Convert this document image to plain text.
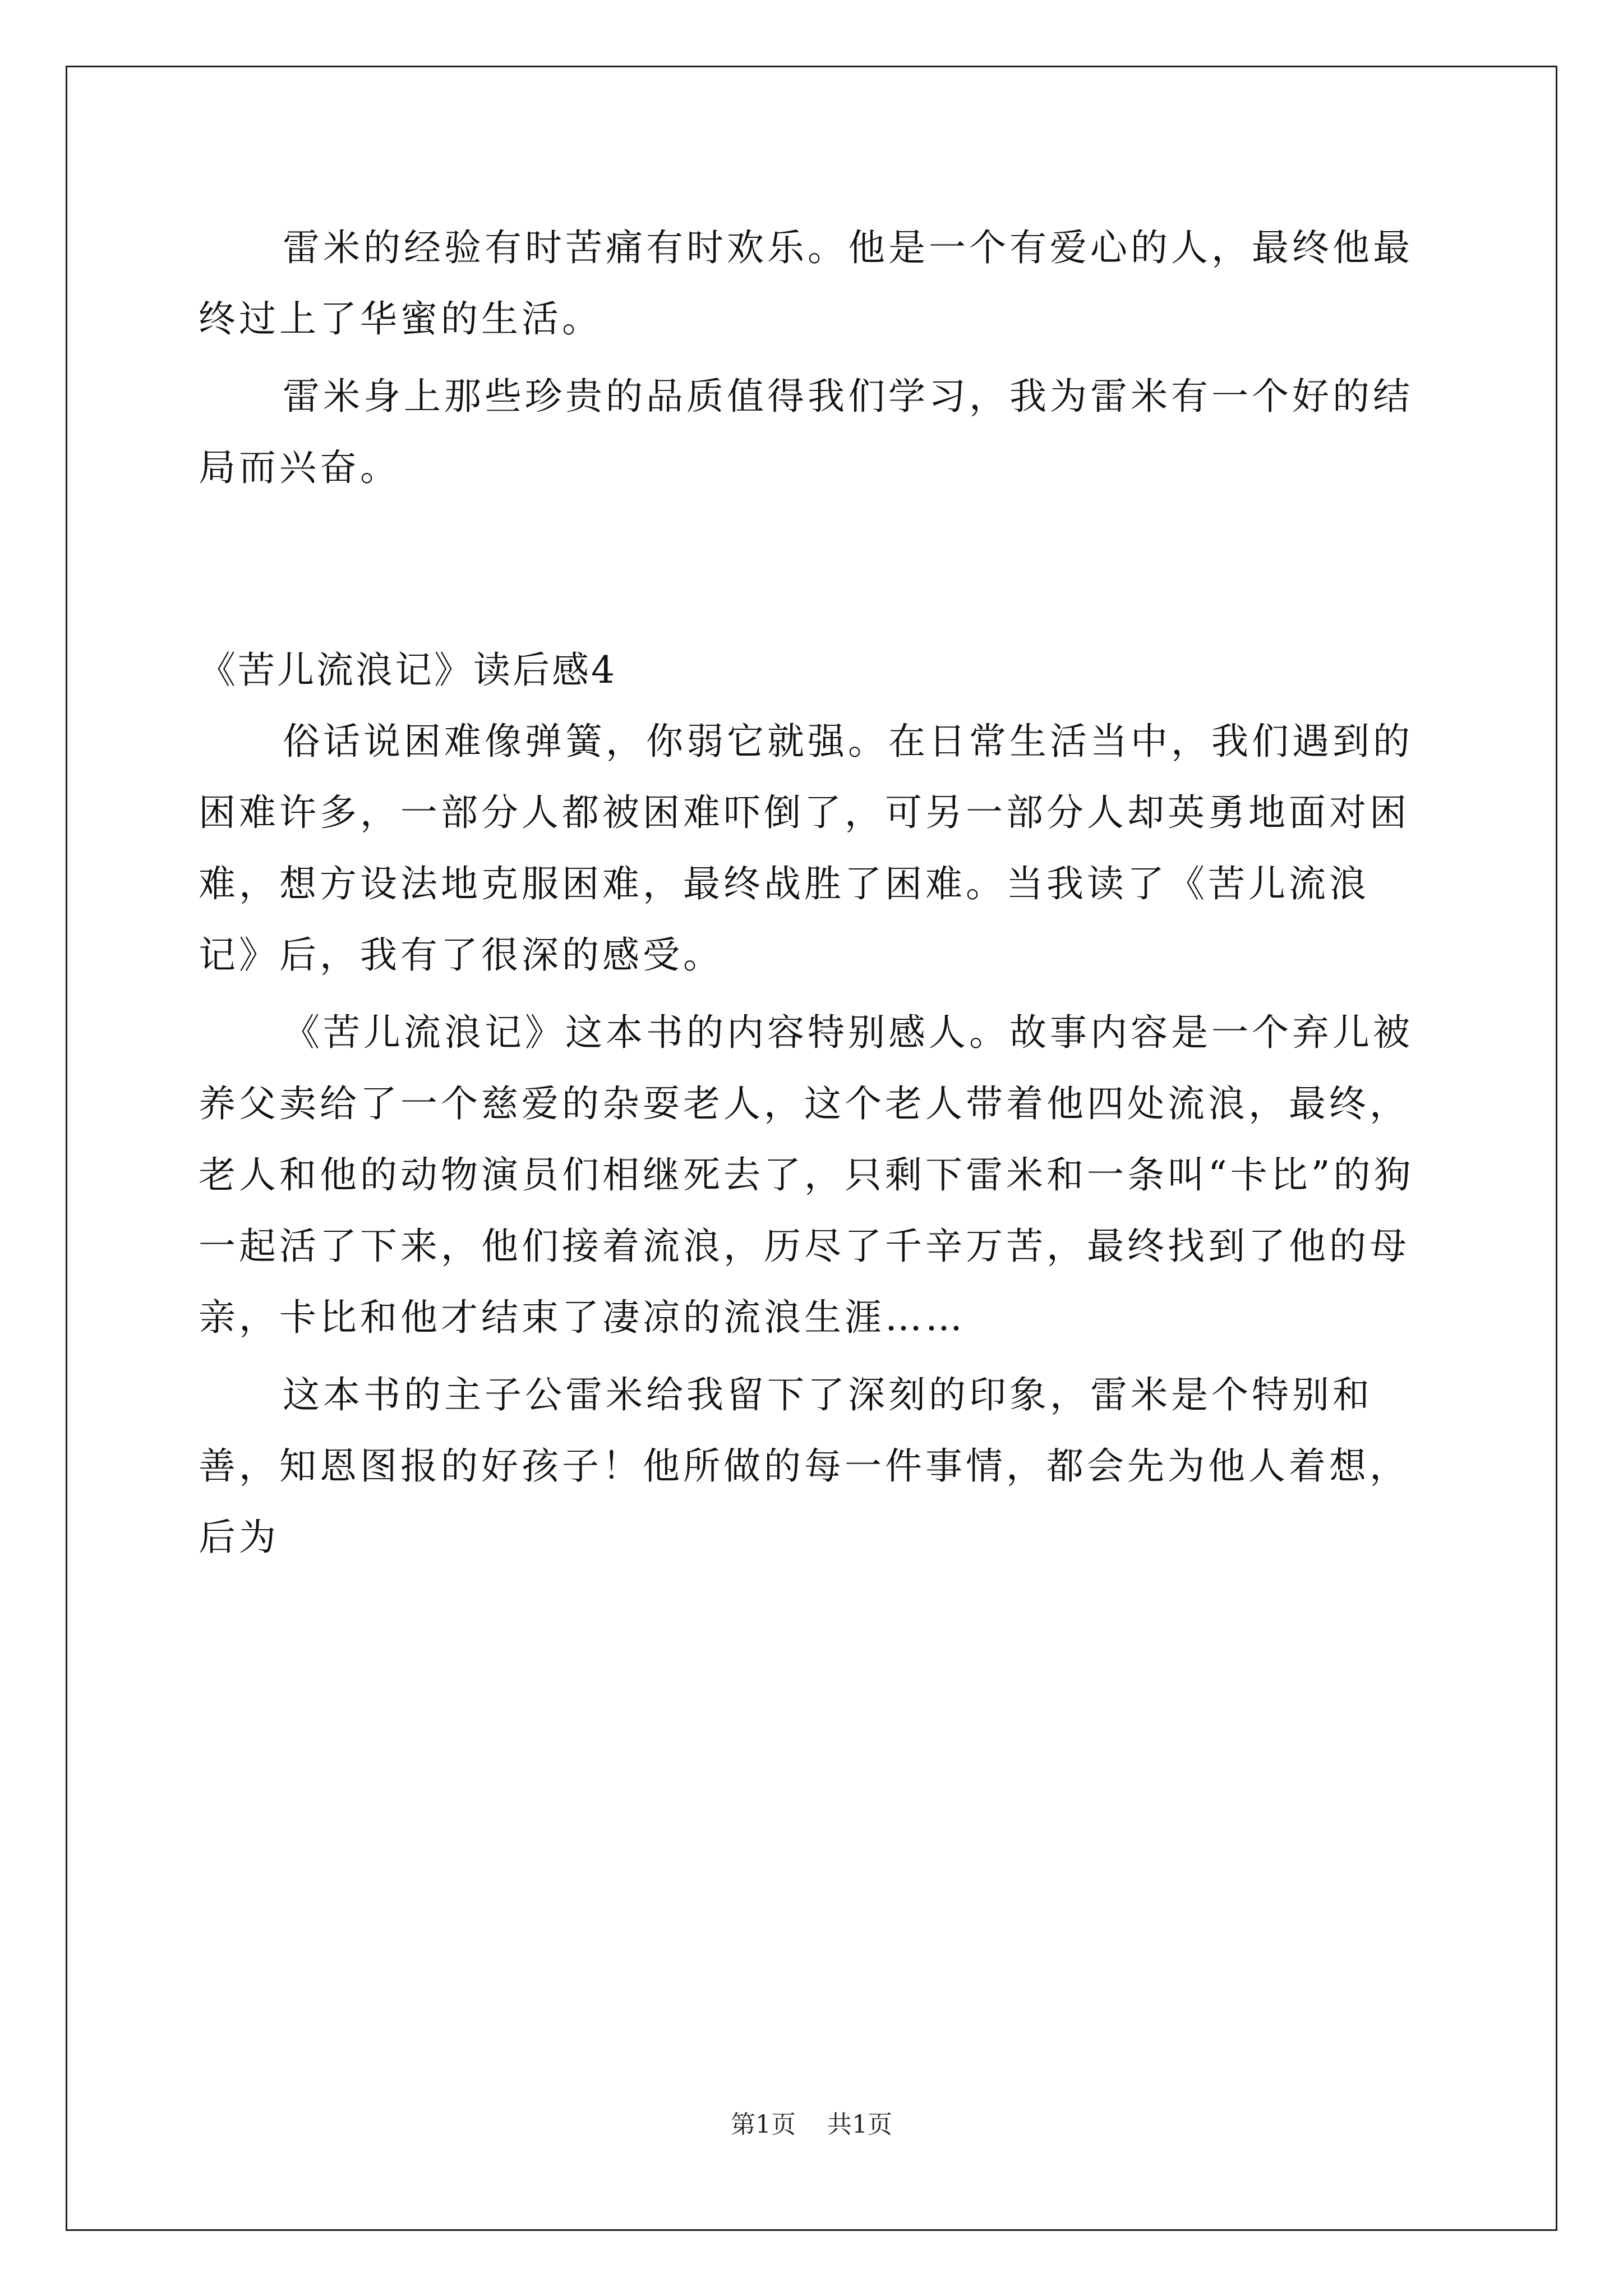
雷米的经验有时苦痛有时欢乐。他是一个有爱心的人，最终他最终过上了华蜜的生活。

雷米身上那些珍贵的品质值得我们学习，我为雷米有一个好的结局而兴奋。

《苦儿流浪记》读后感4

俗话说困难像弹簧，你弱它就强。在日常生活当中，我们遇到的困难许多，一部分人都被困难吓倒了，可另一部分人却英勇地面对困难，想方设法地克服困难，最终战胜了困难。当我读了《苦儿流浪记》后，我有了很深的感受。

《苦儿流浪记》这本书的内容特别感人。故事内容是一个弃儿被养父卖给了一个慈爱的杂耍老人，这个老人带着他四处流浪，最终，老人和他的动物演员们相继死去了，只剩下雷米和一条叫“卡比”的狗一起活了下来，他们接着流浪，历尽了千辛万苦，最终找到了他的母亲，卡比和他才结束了凄凉的流浪生涯……

这本书的主子公雷米给我留下了深刻的印象，雷米是个特别和善，知恩图报的好孩子！他所做的每一件事情，都会先为他人着想，后为

第1页 共1页
